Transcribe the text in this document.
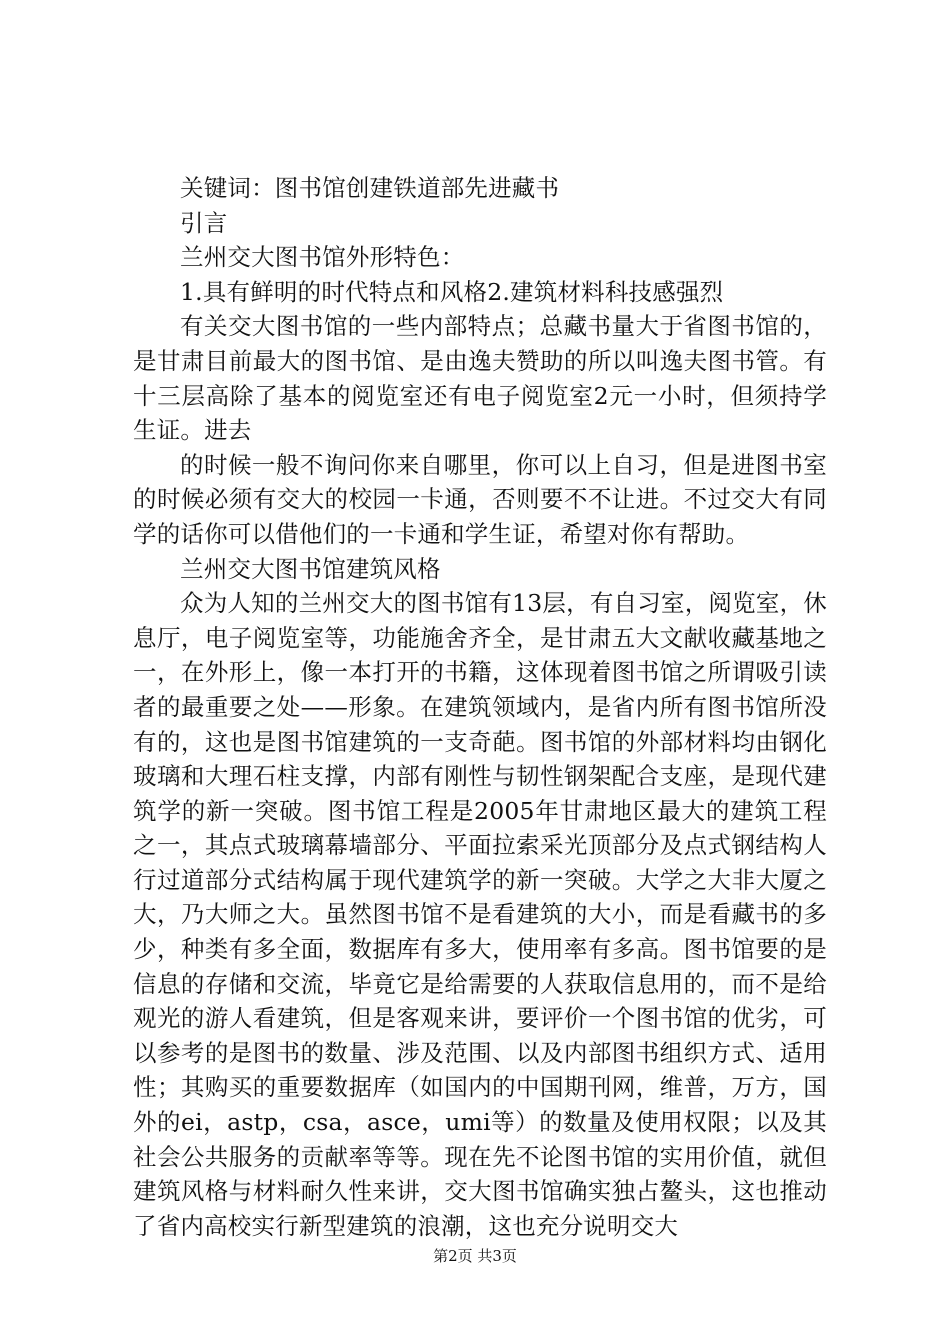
关键词：图书馆创建铁道部先进藏书

引言

兰州交大图书馆外形特色：

1.具有鲜明的时代特点和风格2.建筑材料科技感强烈

有关交大图书馆的一些内部特点；总藏书量大于省图书馆的，是甘肃目前最大的图书馆、是由逸夫赞助的所以叫逸夫图书管。有十三层高除了基本的阅览室还有电子阅览室2元一小时，但须持学生证。进去

的时候一般不询问你来自哪里，你可以上自习，但是进图书室的时候必须有交大的校园一卡通，否则要不不让进。不过交大有同学的话你可以借他们的一卡通和学生证，希望对你有帮助。

兰州交大图书馆建筑风格

众为人知的兰州交大的图书馆有13层，有自习室，阅览室，休息厅，电子阅览室等，功能施舍齐全，是甘肃五大文献收藏基地之一，在外形上，像一本打开的书籍，这体现着图书馆之所谓吸引读者的最重要之处——形象。在建筑领域内，是省内所有图书馆所没有的，这也是图书馆建筑的一支奇葩。图书馆的外部材料均由钢化玻璃和大理石柱支撑，内部有刚性与韧性钢架配合支座，是现代建筑学的新一突破。图书馆工程是2005年甘肃地区最大的建筑工程之一，其点式玻璃幕墙部分、平面拉索采光顶部分及点式钢结构人行过道部分式结构属于现代建筑学的新一突破。大学之大非大厦之大，乃大师之大。虽然图书馆不是看建筑的大小，而是看藏书的多少，种类有多全面，数据库有多大，使用率有多高。图书馆要的是信息的存储和交流，毕竟它是给需要的人获取信息用的，而不是给观光的游人看建筑，但是客观来讲，要评价一个图书馆的优劣，可以参考的是图书的数量、涉及范围、以及内部图书组织方式、适用性；其购买的重要数据库（如国内的中国期刊网，维普，万方，国外的ei，astp，csa，asce，umi等）的数量及使用权限；以及其社会公共服务的贡献率等等。现在先不论图书馆的实用价值，就但建筑风格与材料耐久性来讲，交大图书馆确实独占鳌头，这也推动了省内高校实行新型建筑的浪潮，这也充分说明交大

第2页 共3页
